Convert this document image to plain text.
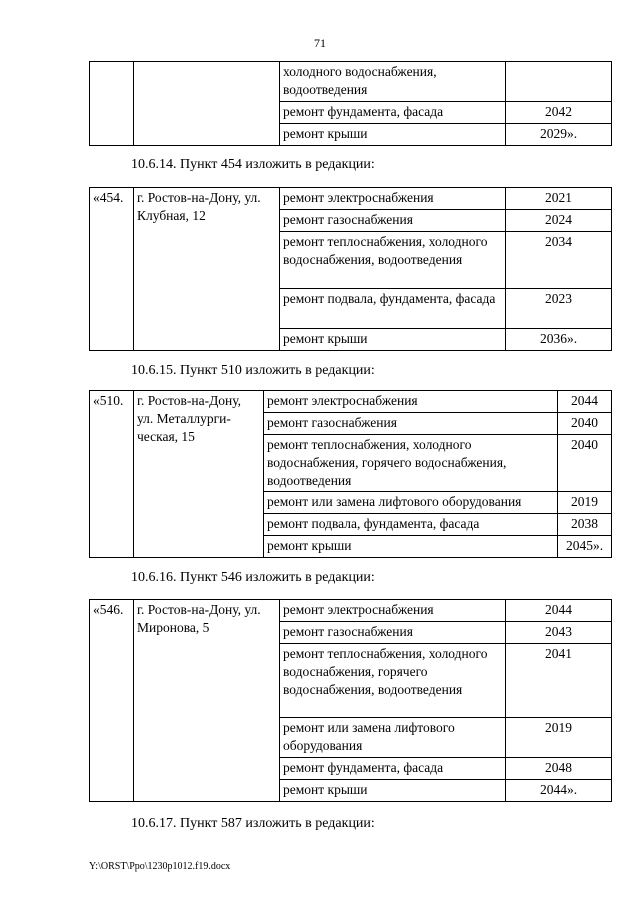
71
		холодного водоснабжения, водоотведения	
		ремонт фундамента, фасада	2042
		ремонт крыши	2029».
10.6.14. Пункт 454 изложить в редакции:
«454.	г. Ростов-на-Дону, ул. Клубная, 12	ремонт электроснабжения	2021
		ремонт газоснабжения	2024
		ремонт теплоснабжения, холодного водоснабжения, водоотведения	2034
		ремонт подвала, фундамента, фасада	2023
		ремонт крыши	2036».
10.6.15. Пункт 510 изложить в редакции:
«510.	г. Ростов-на-Дону, ул. Металлурги-ческая, 15	ремонт электроснабжения	2044
		ремонт газоснабжения	2040
		ремонт теплоснабжения, холодного водоснабжения, горячего водоснабжения, водоотведения	2040
		ремонт или замена лифтового оборудования	2019
		ремонт подвала, фундамента, фасада	2038
		ремонт крыши	2045».
10.6.16. Пункт 546 изложить в редакции:
«546.	г. Ростов-на-Дону, ул. Миронова, 5	ремонт электроснабжения	2044
		ремонт газоснабжения	2043
		ремонт теплоснабжения, холодного водоснабжения, горячего водоснабжения, водоотведения	2041
		ремонт или замена лифтового оборудования	2019
		ремонт фундамента, фасада	2048
		ремонт крыши	2044».
10.6.17. Пункт 587 изложить в редакции:
Y:\ORST\Ppo\1230p1012.f19.docx
